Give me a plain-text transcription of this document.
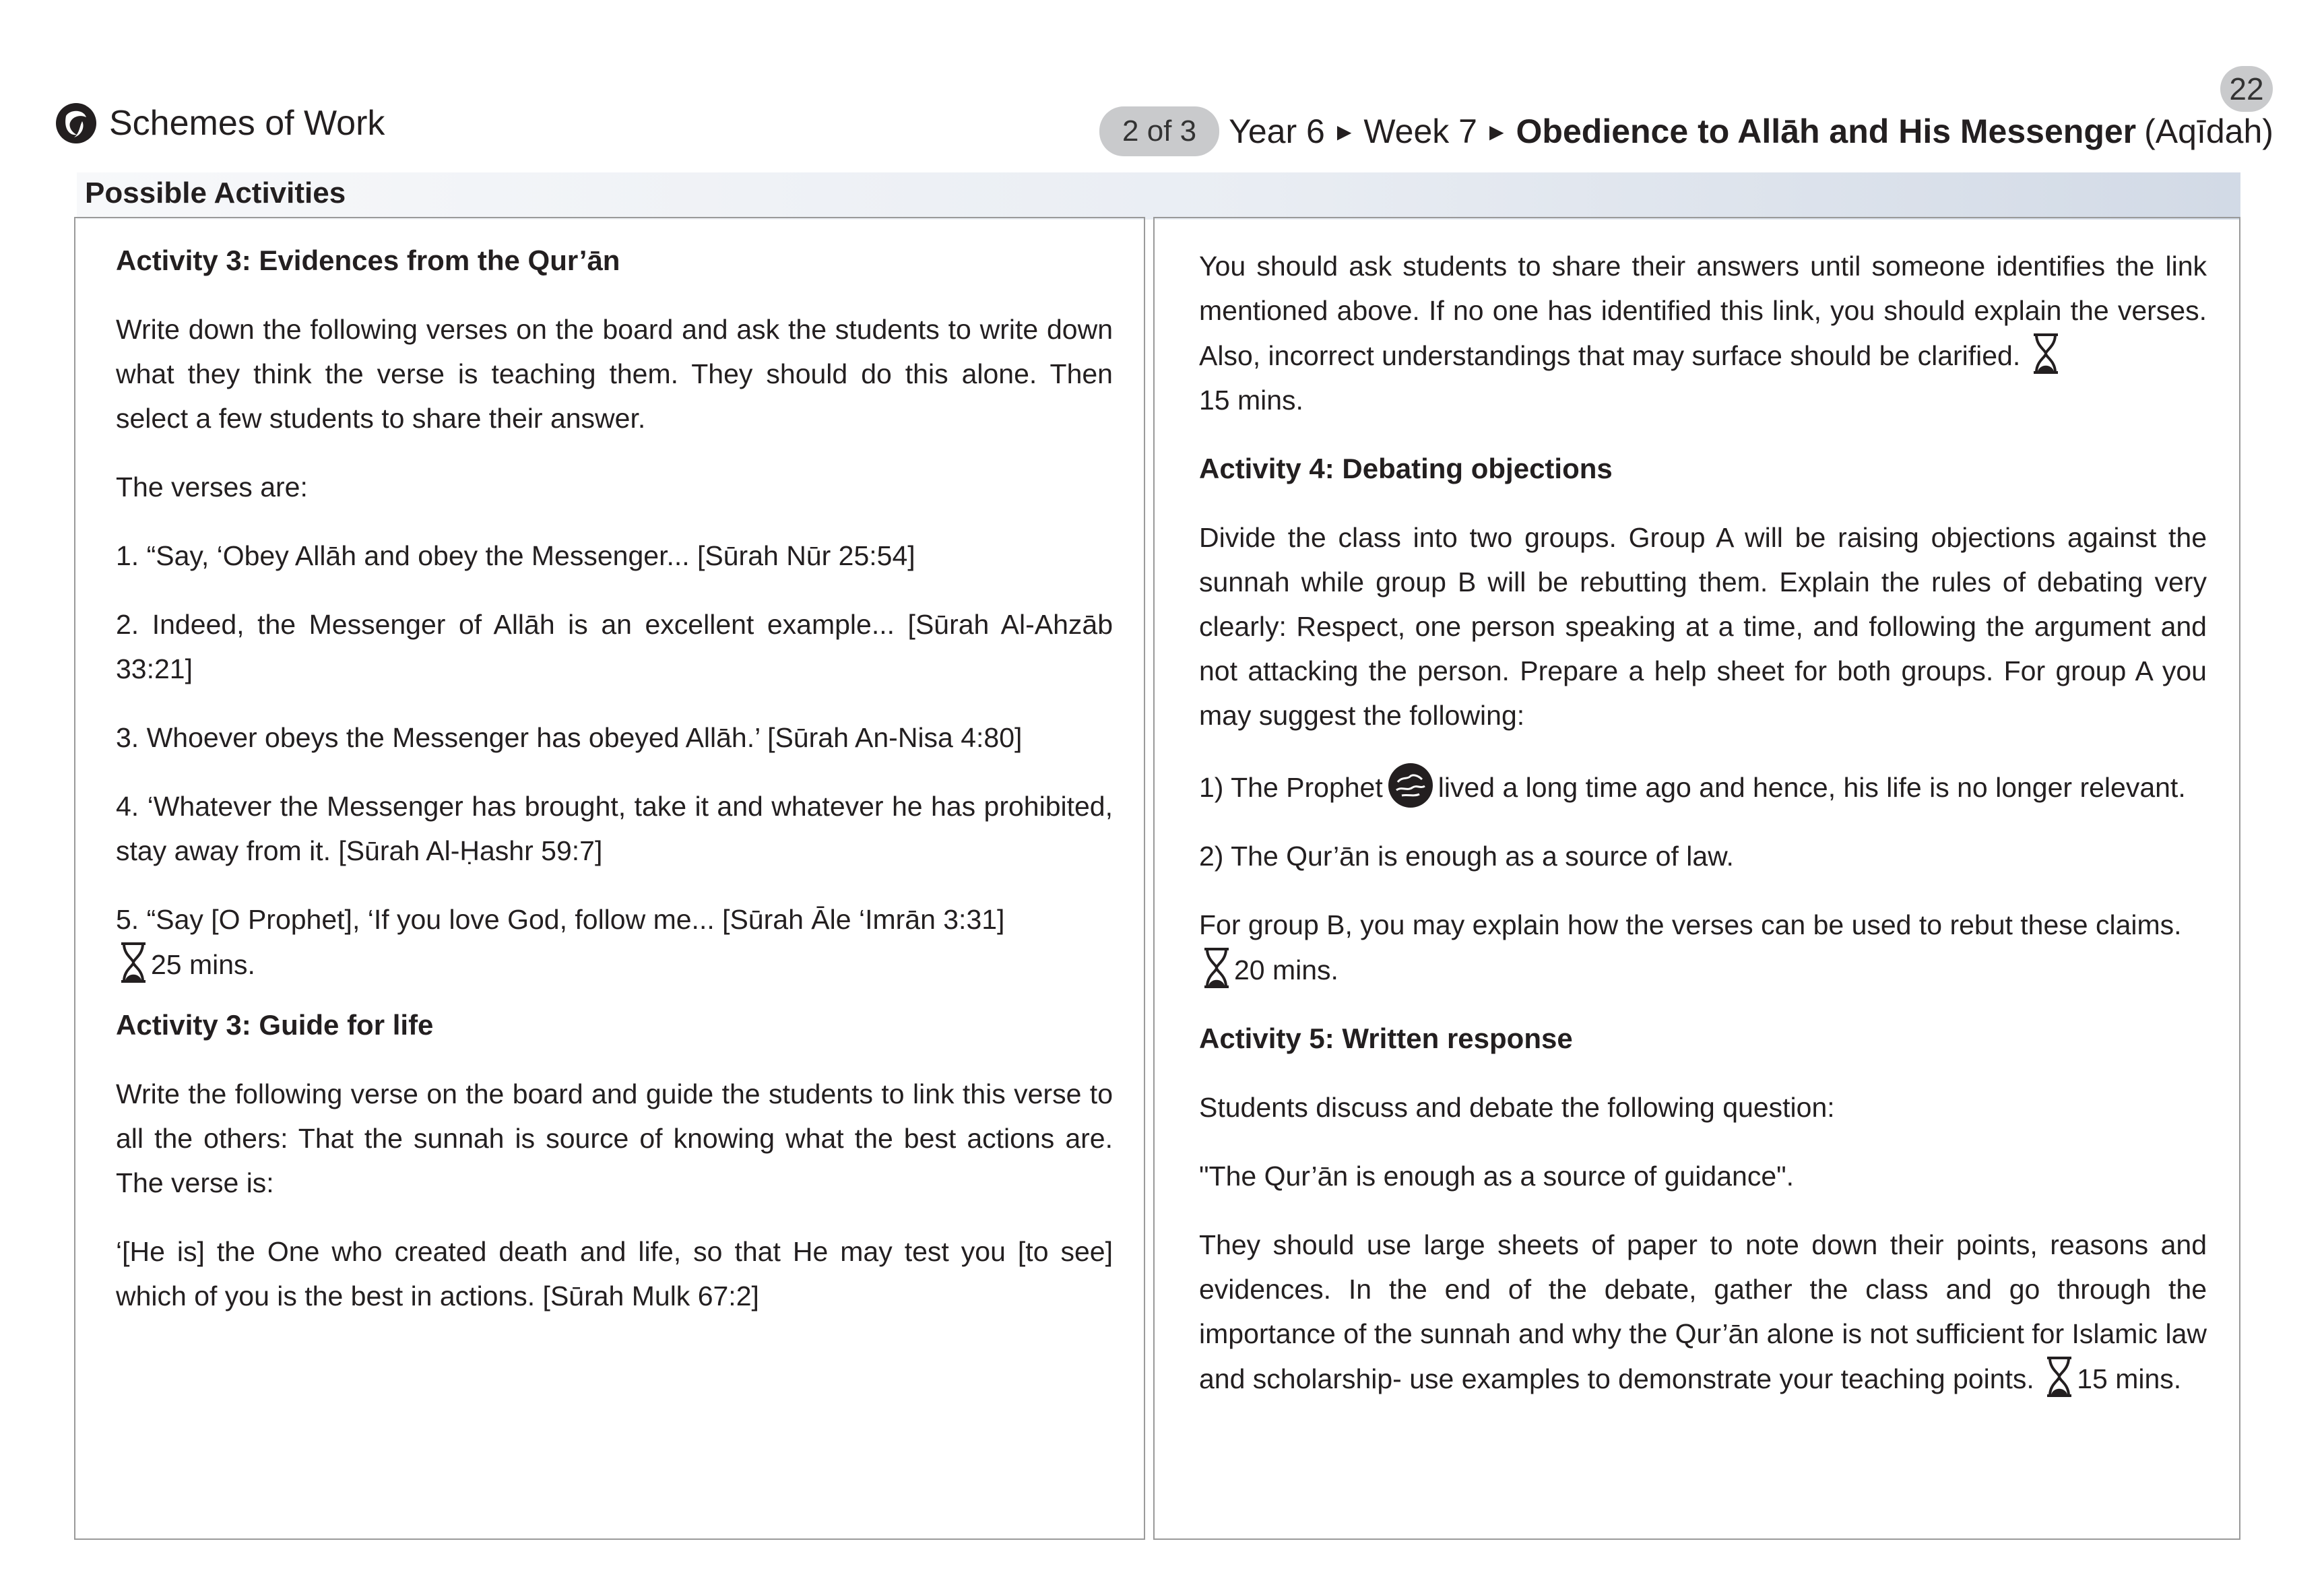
22
Schemes of Work	2 of 3 Year 6 ▶ Week 7 ▶ Obedience to Allāh and His Messenger (Aqīdah)
Possible Activities
Activity 3: Evidences from the Qur’ān

Write down the following verses on the board and ask the students to write down what they think the verse is teaching them. They should do this alone. Then select a few students to share their answer.

The verses are:

1. “Say, ‘Obey Allāh and obey the Messenger... [Sūrah Nūr 25:54]

2. Indeed, the Messenger of Allāh is an excellent example... [Sūrah Al-Ahzāb 33:21]

3. Whoever obeys the Messenger has obeyed Allāh.’ [Sūrah An-Nisa 4:80]

4. ‘Whatever the Messenger has brought, take it and whatever he has prohibited, stay away from it. [Sūrah Al-Ḥashr 59:7]

5. “Say [O Prophet], ‘If you love God, follow me... [Sūrah Āle ‘Imrān 3:31]
25 mins.

Activity 3: Guide for life

Write the following verse on the board and guide the students to link this verse to all the others: That the sunnah is source of knowing what the best actions are. The verse is:

‘[He is] the One who created death and life, so that He may test you [to see] which of you is the best in actions. [Sūrah Mulk 67:2]

You should ask students to share their answers until someone identifies the link mentioned above. If no one has identified this link, you should explain the verses. Also, incorrect understandings that may surface should be clarified.
15 mins.

Activity 4: Debating objections

Divide the class into two groups. Group A will be raising objections against the sunnah while group B will be rebutting them. Explain the rules of debating very clearly: Respect, one person speaking at a time, and following the argument and not attacking the person. Prepare a help sheet for both groups. For group A you may suggest the following:

1) The Prophet lived a long time ago and hence, his life is no longer relevant.

2) The Qur’ān is enough as a source of law.

For group B, you may explain how the verses can be used to rebut these claims.
20 mins.

Activity 5: Written response

Students discuss and debate the following question:

"The Qur’ān is enough as a source of guidance".

They should use large sheets of paper to note down their points, reasons and evidences. In the end of the debate, gather the class and go through the importance of the sunnah and why the Qur’ān alone is not sufficient for Islamic law and scholarship- use examples to demonstrate your teaching points. 15 mins.
